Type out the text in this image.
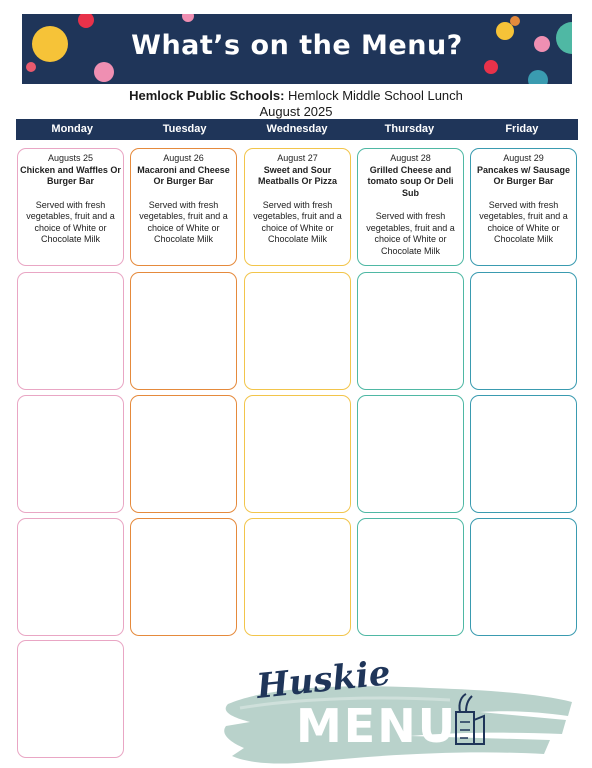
What’s on the Menu?
Hemlock Public Schools: Hemlock Middle School Lunch
August 2025
Monday	Tuesday	Wednesday	Thursday	Friday
Augusts 25
Chicken and Waffles Or Burger Bar
Served with fresh vegetables, fruit and a choice of White or Chocolate Milk
August 26
Macaroni and Cheese Or Burger Bar
Served with fresh vegetables, fruit and a choice of White or Chocolate Milk
August 27
Sweet and Sour Meatballs Or Pizza
Served with fresh vegetables, fruit and a choice of White or Chocolate Milk
August 28
Grilled Cheese and tomato soup Or Deli Sub
Served with fresh vegetables, fruit and a choice of White or Chocolate Milk
August 29
Pancakes w/ Sausage Or Burger Bar
Served with fresh vegetables, fruit and a choice of White or Chocolate Milk
Huskie
MENU
